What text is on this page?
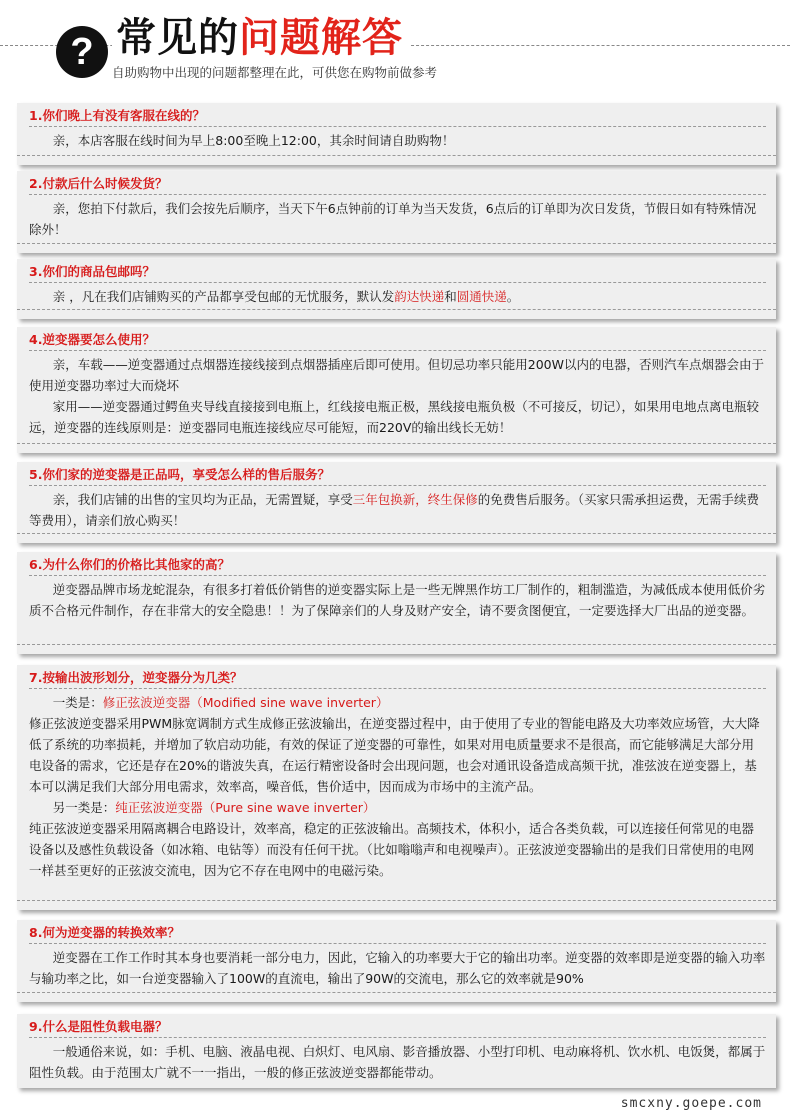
? 常见的问题解答
自助购物中出现的问题都整理在此，可供您在购物前做参考
1.你们晚上有没有客服在线的？

亲，本店客服在线时间为早上8:00至晚上12:00，其余时间请自助购物！

2.付款后什么时候发货？

亲，您拍下付款后，我们会按先后顺序，当天下午6点钟前的订单为当天发货，6点后的订单即为次日发货，节假日如有特殊情况除外！

3.你们的商品包邮吗？

亲 ，凡在我们店铺购买的产品都享受包邮的无忧服务，默认发韵达快递和圆通快递。

4.逆变器要怎么使用？

亲，车载——逆变器通过点烟器连接线接到点烟器插座后即可使用。但切忌功率只能用200W以内的电器，否则汽车点烟器会由于使用逆变器功率过大而烧坏

家用——逆变器通过鳄鱼夹导线直接接到电瓶上，红线接电瓶正极，黑线接电瓶负极（不可接反，切记），如果用电地点离电瓶较远，逆变器的连线原则是：逆变器同电瓶连接线应尽可能短，而220V的输出线长无妨！

5.你们家的逆变器是正品吗，享受怎么样的售后服务？

亲，我们店铺的出售的宝贝均为正品，无需置疑，享受三年包换新，终生保修的免费售后服务。（买家只需承担运费，无需手续费等费用），请亲们放心购买！

6.为什么你们的价格比其他家的高？

逆变器品牌市场龙蛇混杂，有很多打着低价销售的逆变器实际上是一些无牌黑作坊工厂制作的，粗制滥造，为减低成本使用低价劣质不合格元件制作，存在非常大的安全隐患！！为了保障亲们的人身及财产安全，请不要贪图便宜，一定要选择大厂出品的逆变器。

7.按输出波形划分，逆变器分为几类？

一类是：修正弦波逆变器（Modified sine wave inverter）

修正弦波逆变器采用PWM脉宽调制方式生成修正弦波输出，在逆变器过程中，由于使用了专业的智能电路及大功率效应场管，大大降低了系统的功率损耗，并增加了软启动功能，有效的保证了逆变器的可靠性，如果对用电质量要求不是很高，而它能够满足大部分用电设备的需求，它还是存在20%的谐波失真，在运行精密设备时会出现问题，也会对通讯设备造成高频干扰，准弦波在逆变器上，基本可以满足我们大部分用电需求，效率高，噪音低，售价适中，因而成为市场中的主流产品。

另一类是：纯正弦波逆变器（Pure sine wave inverter）

纯正弦波逆变器采用隔离耦合电路设计，效率高，稳定的正弦波输出。高频技术，体积小，适合各类负载，可以连接任何常见的电器设备以及感性负载设备（如冰箱、电钻等）而没有任何干扰。（比如嗡嗡声和电视噪声）。正弦波逆变器输出的是我们日常使用的电网一样甚至更好的正弦波交流电，因为它不存在电网中的电磁污染。

8.何为逆变器的转换效率？

逆变器在工作工作时其本身也要消耗一部分电力，因此，它输入的功率要大于它的输出功率。逆变器的效率即是逆变器的输入功率与输功率之比，如一台逆变器输入了100W的直流电，输出了90W的交流电，那么它的效率就是90%

9.什么是阻性负载电器？

一般通俗来说，如：手机、电脑、液晶电视、白炽灯、电风扇、影音播放器、小型打印机、电动麻将机、饮水机、电饭煲，都属于阻性负载。由于范围太广就不一一指出，一般的修正弦波逆变器都能带动。

smcxny.goepe.com
